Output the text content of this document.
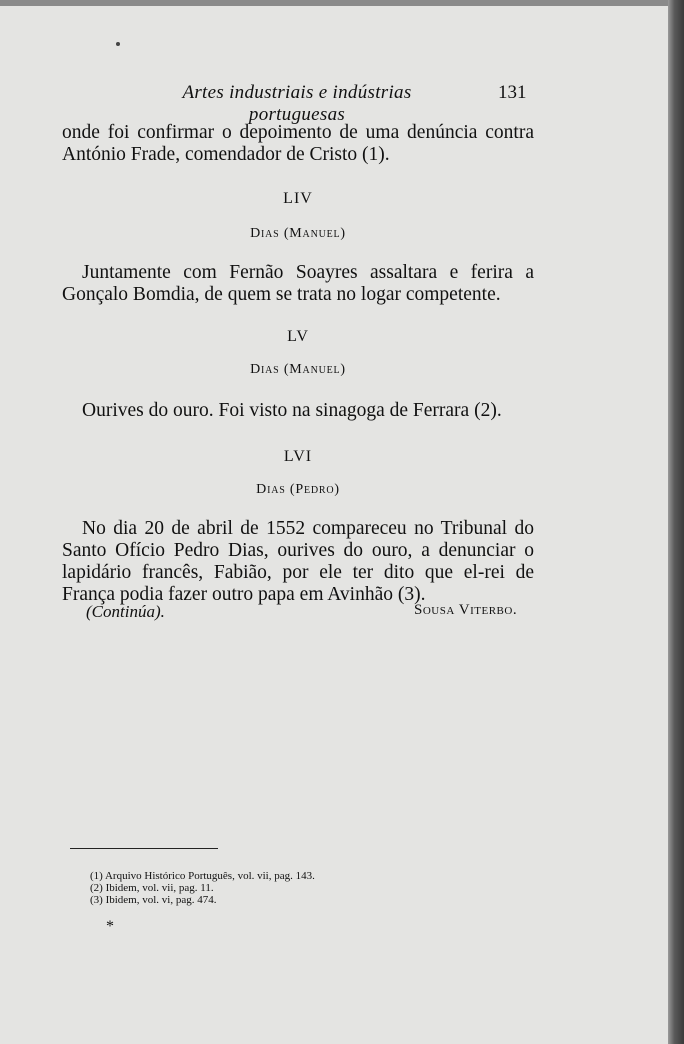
Artes industriais e indústrias portuguesas
131
onde foi confirmar o depoimento de uma denúncia contra António Frade, comendador de Cristo (1).
LIV
Dias (Manuel)
Juntamente com Fernão Soayres assaltara e ferira a Gonçalo Bomdia, de quem se trata no logar competente.
LV
Dias (Manuel)
Ourives do ouro. Foi visto na sinagoga de Ferrara (2).
LVI
Dias (Pedro)
No dia 20 de abril de 1552 compareceu no Tribunal do Santo Ofício Pedro Dias, ourives do ouro, a denunciar o lapidário francês, Fabião, por ele ter dito que el-rei de França podia fazer outro papa em Avinhão (3).
(Continúa).	Sousa Viterbo.
(1) Arquivo Histórico Português, vol. vii, pag. 143.
(2) Ibidem, vol. vii, pag. 11.
(3) Ibidem, vol. vi, pag. 474.
*
